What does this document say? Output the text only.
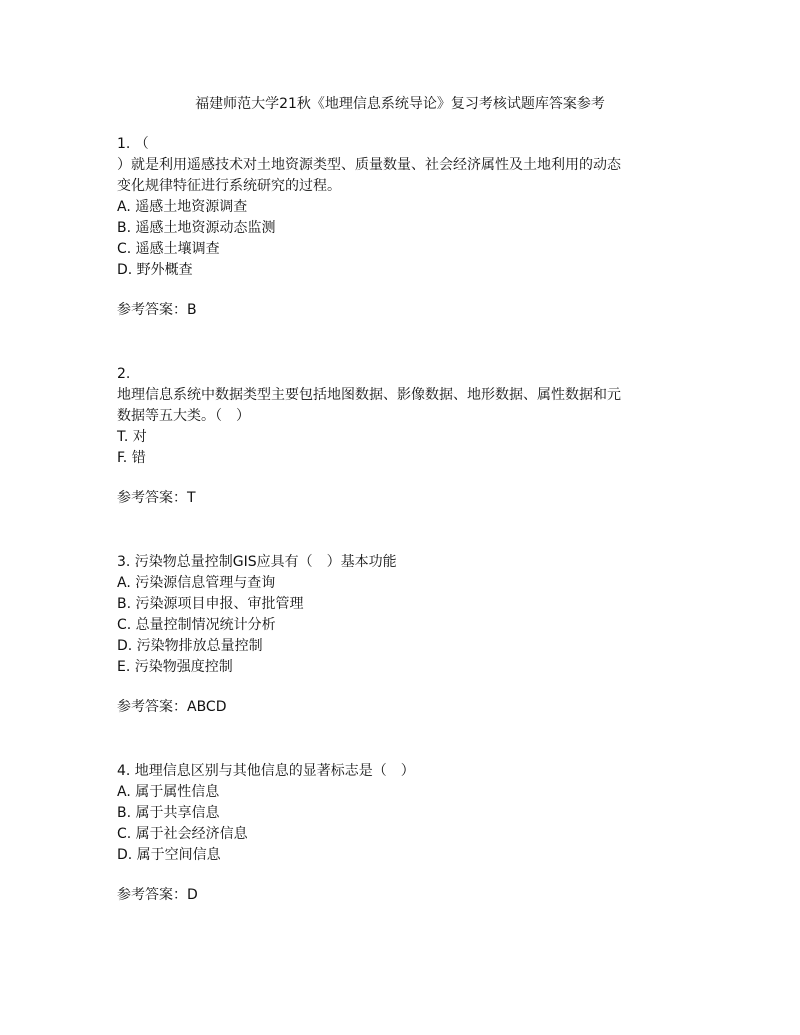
福建师范大学21秋《地理信息系统导论》复习考核试题库答案参考
1. （
）就是利用遥感技术对土地资源类型、质量数量、社会经济属性及土地利用的动态
变化规律特征进行系统研究的过程。
A. 遥感土地资源调查
B. 遥感土地资源动态监测
C. 遥感土壤调查
D. 野外概查
参考答案：B
2.
地理信息系统中数据类型主要包括地图数据、影像数据、地形数据、属性数据和元
数据等五大类。（　）
T. 对
F. 错
参考答案：T
3. 污染物总量控制GIS应具有（　）基本功能
A. 污染源信息管理与查询
B. 污染源项目申报、审批管理
C. 总量控制情况统计分析
D. 污染物排放总量控制
E. 污染物强度控制
参考答案：ABCD
4. 地理信息区别与其他信息的显著标志是（　）
A. 属于属性信息
B. 属于共享信息
C. 属于社会经济信息
D. 属于空间信息
参考答案：D
